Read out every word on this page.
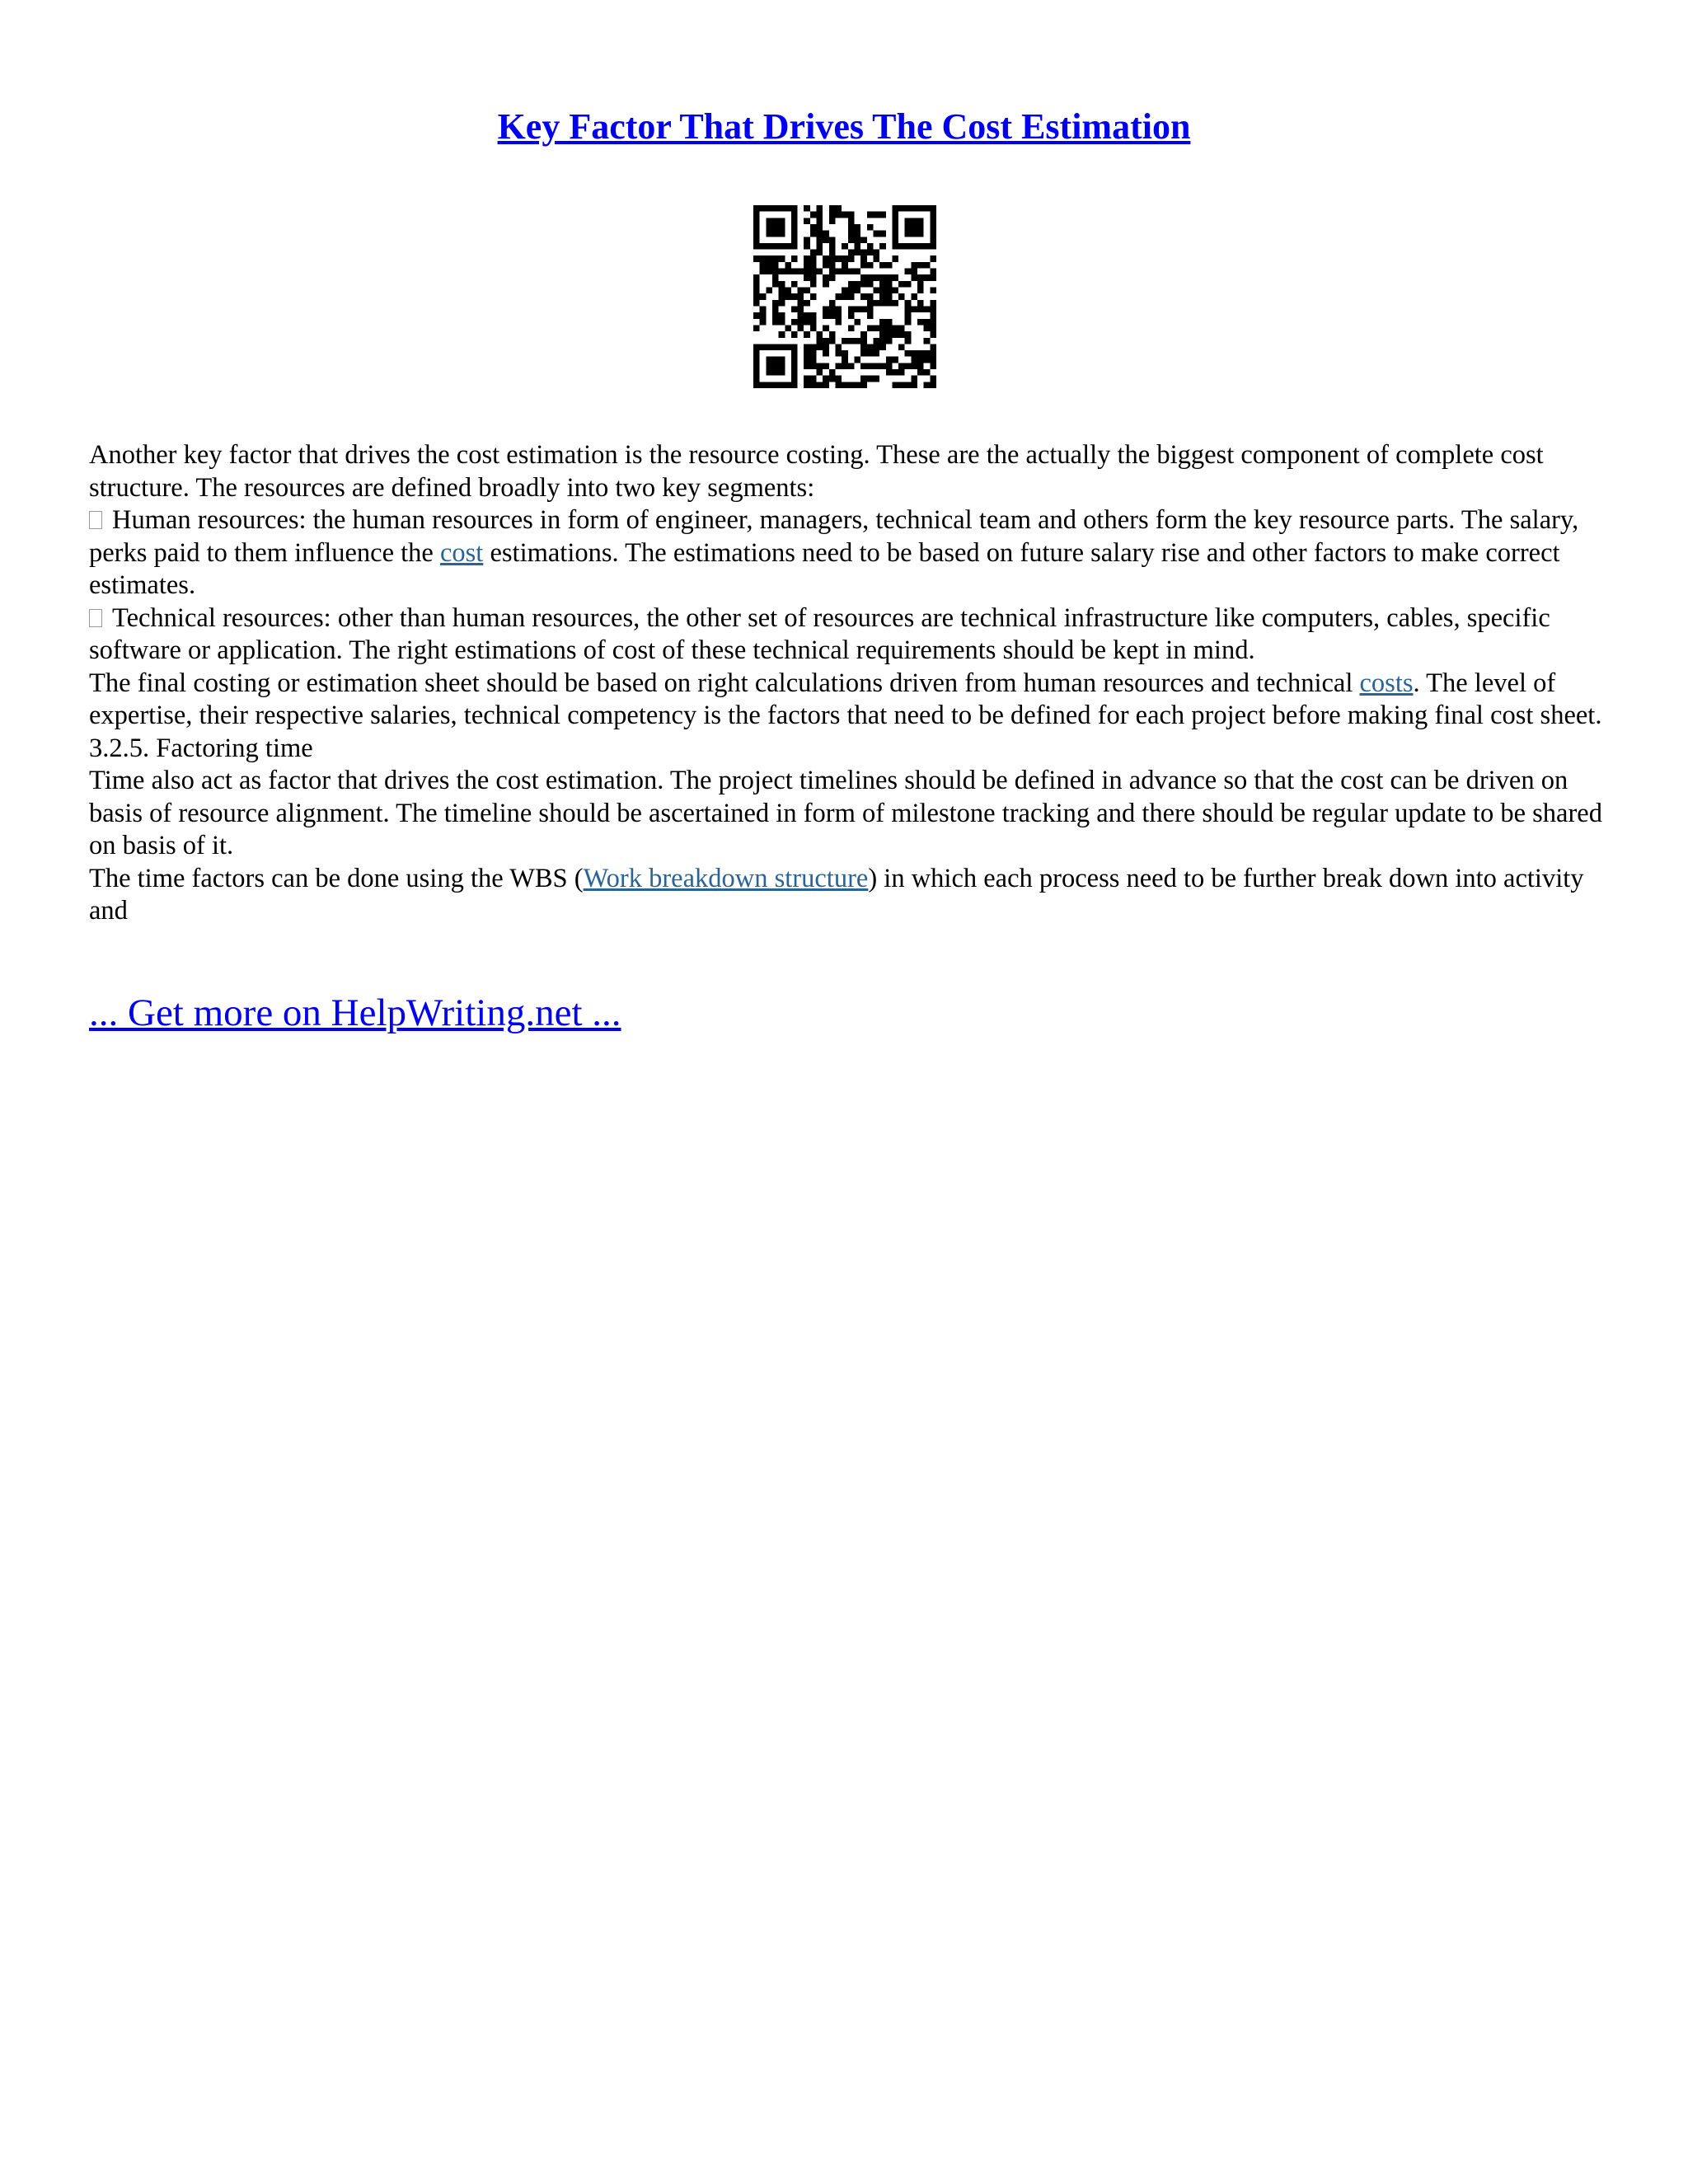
Key Factor That Drives The Cost Estimation

Another key factor that drives the cost estimation is the resource costing. These are the actually the biggest component of complete cost structure. The resources are defined broadly into two key segments:

Human resources: the human resources in form of engineer, managers, technical team and others form the key resource parts. The salary, perks paid to them influence the cost estimations. The estimations need to be based on future salary rise and other factors to make correct estimates.

Technical resources: other than human resources, the other set of resources are technical infrastructure like computers, cables, specific software or application. The right estimations of cost of these technical requirements should be kept in mind.

The final costing or estimation sheet should be based on right calculations driven from human resources and technical costs. The level of expertise, their respective salaries, technical competency is the factors that need to be defined for each project before making final cost sheet.

3.2.5. Factoring time

Time also act as factor that drives the cost estimation. The project timelines should be defined in advance so that the cost can be driven on basis of resource alignment. The timeline should be ascertained in form of milestone tracking and there should be regular update to be shared on basis of it.

The time factors can be done using the WBS (Work breakdown structure) in which each process need to be further break down into activity and

... Get more on HelpWriting.net ...
